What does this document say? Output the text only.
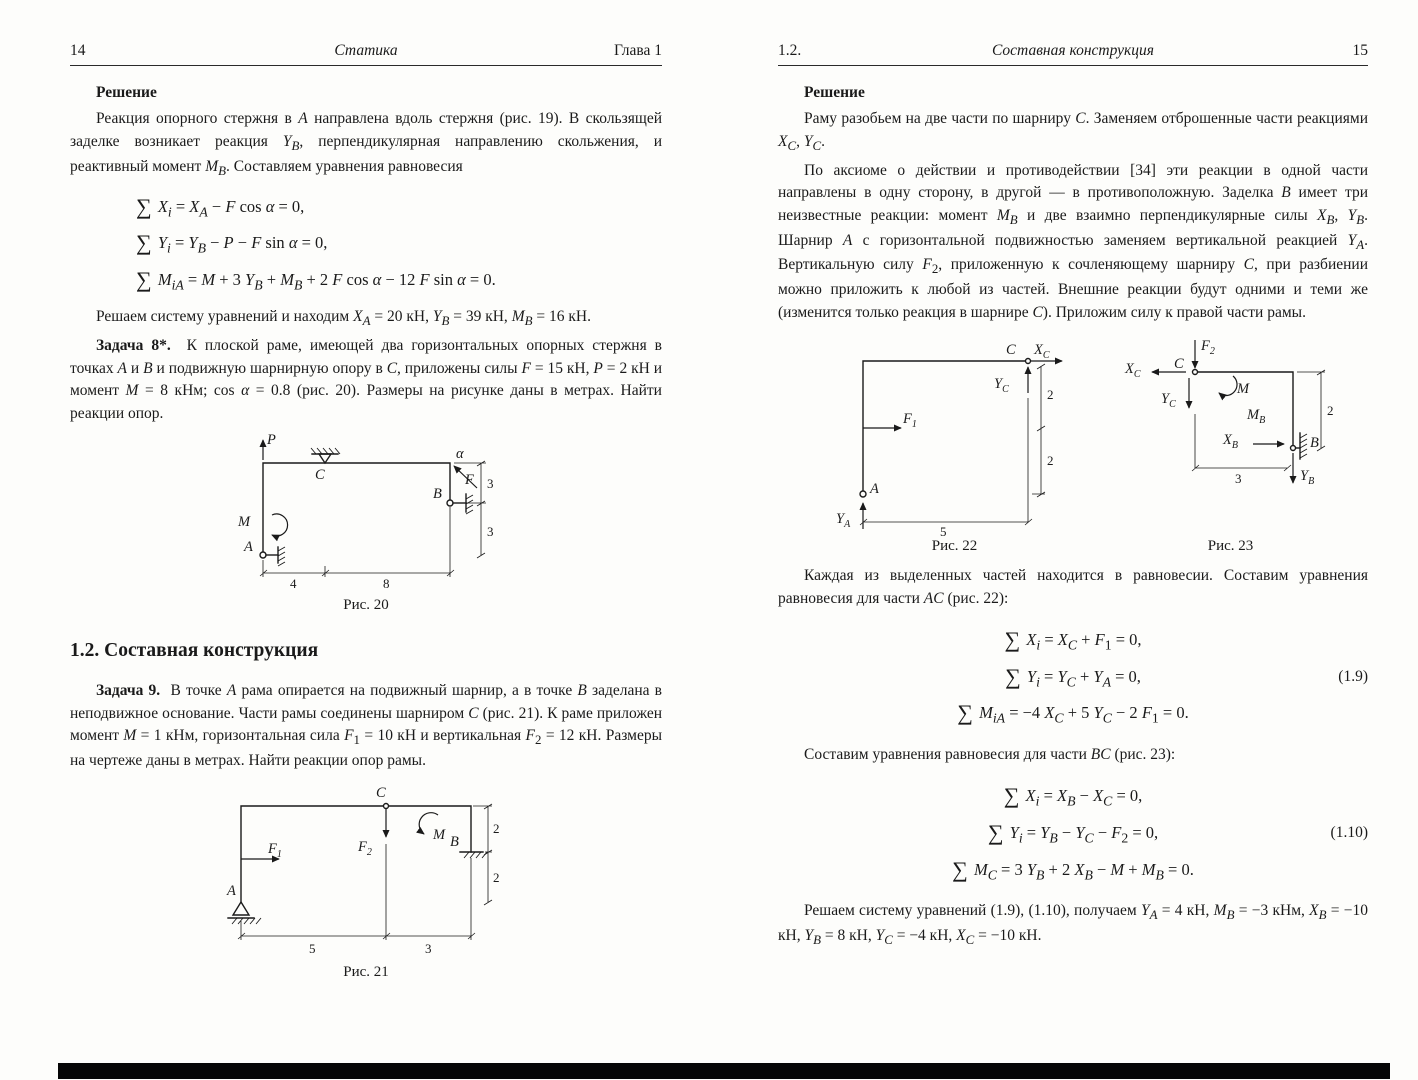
14	Статика	Глава 1

Решение

Реакция опорного стержня в A направлена вдоль стержня (рис. 19). В скользящей заделке возникает реакция $Y_B$, перпендикулярная направлению скольжения, и реактивный момент $M_B$. Составляем уравнения равновесия

∑ $X_i = X_A - F$ cos α = 0,
∑ $Y_i = Y_B - P - F$ sin α = 0,
∑ $M_{iA} = M + 3$ $Y_B + M_B + 2$ F cos α − 12 F sin α = 0.

Решаем систему уравнений и находим $X_A = 20$ кН, $Y_B = 39$ кН, $M_B = 16$ кН.

Задача 8*. К плоской раме, имеющей два горизонтальных опорных стержня в точках A и B и подвижную шарнирную опору в C, приложены силы F = 15 кН, P = 2 кН и момент M = 8 кНм; cos α = 0.8 (рис. 20). Размеры на рисунке даны в метрах. Найти реакции опор.

P
C
M
α
F
B
A
4	8
3
3
Рис. 20
1.2. Составная конструкция

Задача 9. В точке A рама опирается на подвижный шарнир, а в точке B заделана в неподвижное основание. Части рамы соединены шарниром C (рис. 21). К раме приложен момент M = 1 кНм, горизонтальная сила $F_1 = 10$ кН и вертикальная $F_2 = 12$ кН. Размеры на чертеже даны в метрах. Найти реакции опор рамы.

C
$F_2$
M
$F_1$
B
A
5	3
2
2
Рис. 21
1.2.	Составная конструкция	15

Решение

Раму разобьем на две части по шарниру C. Заменяем отброшенные части реакциями $X_C$, $Y_C$.

По аксиоме о действии и противодействии [34] эти реакции в одной части направлены в одну сторону, в другой — в противоположную. Заделка B имеет три неизвестные реакции: момент $M_B$ и две взаимно перпендикулярные силы $X_B$, $Y_B$. Шарнир A с горизонтальной подвижностью заменяем вертикальной реакцией $Y_A$. Вертикальную силу $F_2$, приложенную к сочленяющему шарниру C, при разбиении можно приложить к любой из частей. Внешние реакции будут одними и теми же (изменится только реакция в шарнире C). Приложим силу к правой части рамы.

C $X_C$
$Y_C$
$F_1$
A
$Y_A$
2
2
5
Рис. 22
$F_2$
C
$X_C$
$Y_C$
M
$M_B$
$X_B$	B
$Y_B$
2
3
Рис. 23

Каждая из выделенных частей находится в равновесии. Составим уравнения равновесия для части AC (рис. 22):

∑ $X_i = X_C + F_1 = 0$,
∑ $Y_i = Y_C + Y_A = 0$,
∑ $M_{iA} = -4$ $X_C + 5$ $Y_C - 2$ $F_1 = 0$.
(1.9)

Составим уравнения равновесия для части BC (рис. 23):

∑ $X_i = X_B - X_C = 0$,
∑ $Y_i = Y_B - Y_C - F_2 = 0$,
∑ $M_C = 3$ $Y_B + 2$ $X_B - M + M_B = 0$.
(1.10)

Решаем систему уравнений (1.9), (1.10), получаем $Y_A = 4$ кН, $M_B = -3$ кНм, $X_B = -10$ кН, $Y_B = 8$ кН, $Y_C = -4$ кН, $X_C = -10$ кН.
